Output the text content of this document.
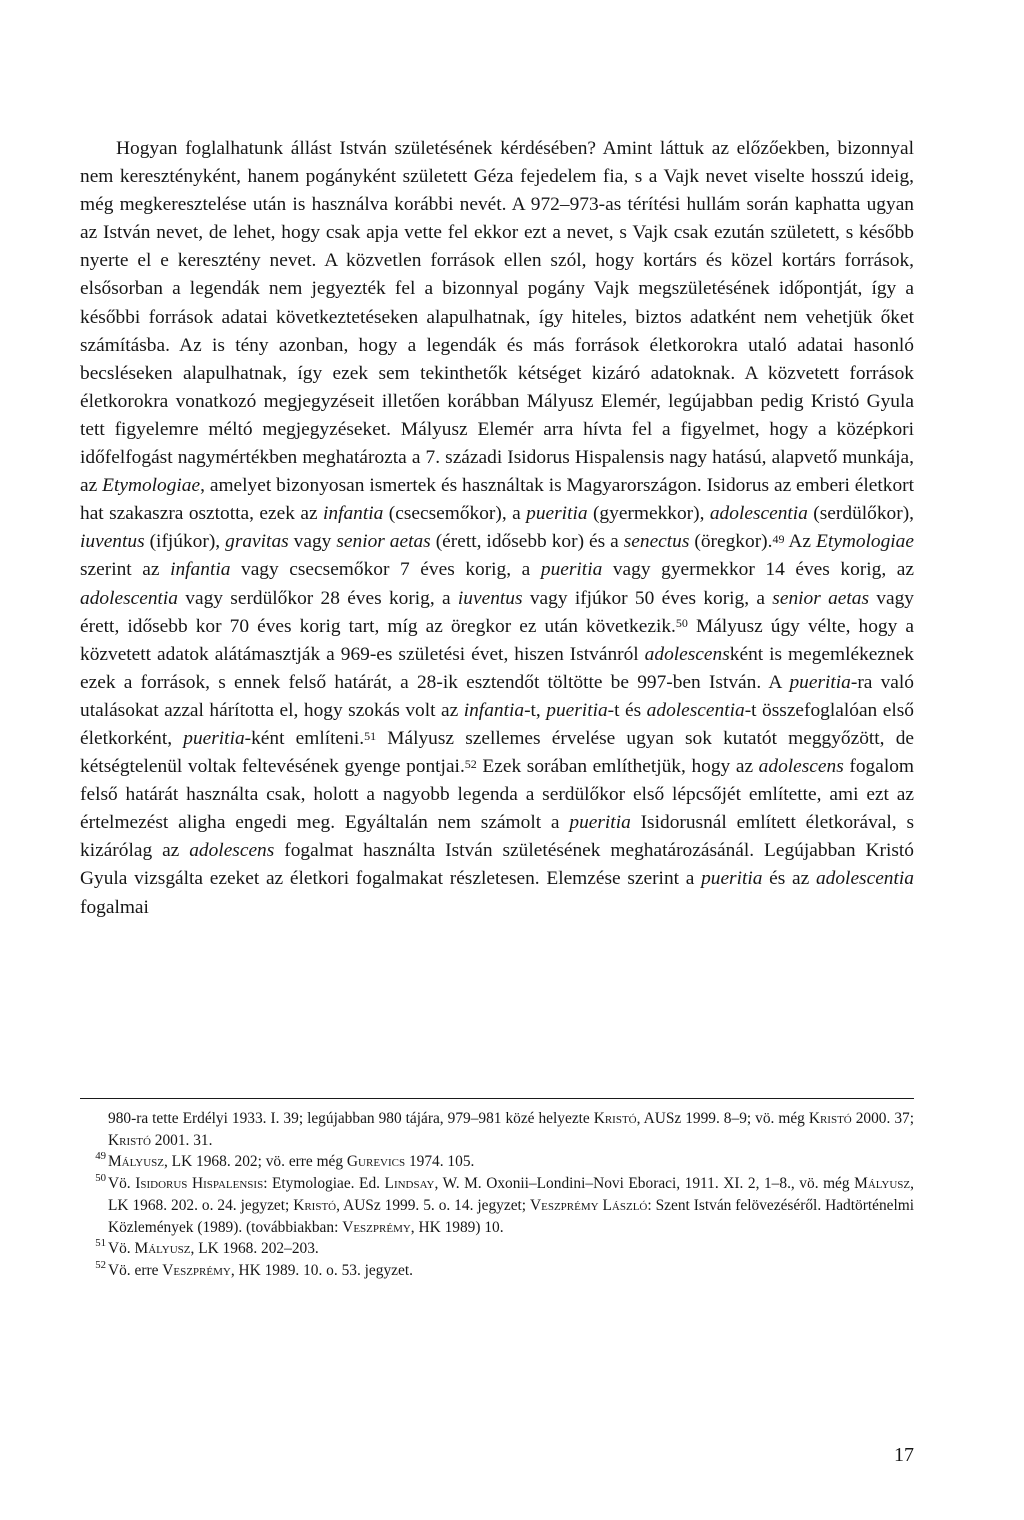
Hogyan foglalhatunk állást István születésének kérdésében? Amint láttuk az előzőekben, bizonnyal nem keresztényként, hanem pogányként született Géza fejedelem fia, s a Vajk nevet viselte hosszú ideig, még megkeresztelése után is használva korábbi nevét. A 972–973-as térítési hullám során kaphatta ugyan az István nevet, de lehet, hogy csak apja vette fel ekkor ezt a nevet, s Vajk csak ezután született, s később nyerte el e keresztény nevet. A közvetlen források ellen szól, hogy kortárs és közel kortárs források, elsősorban a legendák nem jegyezték fel a bizonnyal pogány Vajk megszületésének időpontját, így a későbbi források adatai következtetéseken alapulhatnak, így hiteles, biztos adatként nem vehetjük őket számításba. Az is tény azonban, hogy a legendák és más források életkorokra utaló adatai hasonló becsléseken alapulhatnak, így ezek sem tekinthetők kétséget kizáró adatoknak. A közvetett források életkorokra vonatkozó megjegyzéseit illetően korábban Mályusz Elemér, legújabban pedig Kristó Gyula tett figyelemre méltó megjegyzéseket. Mályusz Elemér arra hívta fel a figyelmet, hogy a középkori időfelfogást nagymértékben meghatározta a 7. századi Isidorus Hispalensis nagy hatású, alapvető munkája, az Etymologiae, amelyet bizonyosan ismertek és használtak is Magyarországon. Isidorus az emberi életkort hat szakaszra osztotta, ezek az infantia (csecsemőkor), a pueritia (gyermekkor), adolescentia (serdülőkor), iuventus (ifjúkor), gravitas vagy senior aetas (érett, idősebb kor) és a senectus (öregkor).$^{49}$ Az Etymologiae szerint az infantia vagy csecsemőkor 7 éves korig, a pueritia vagy gyermekkor 14 éves korig, az adolescentia vagy serdülőkor 28 éves korig, a iuventus vagy ifjúkor 50 éves korig, a senior aetas vagy érett, idősebb kor 70 éves korig tart, míg az öregkor ez után következik.$^{50}$ Mályusz úgy vélte, hogy a közvetett adatok alátámasztják a 969-es születési évet, hiszen Istvánról adolescensként is megemlékeznek ezek a források, s ennek felső határát, a 28-ik esztendőt töltötte be 997-ben István. A pueritia-ra való utalásokat azzal hárította el, hogy szokás volt az infantia-t, pueritia-t és adolescentia-t összefoglalóan első életkorként, pueritia-ként említeni.$^{51}$ Mályusz szellemes érvelése ugyan sok kutatót meggyőzött, de kétségtelenül voltak feltevésének gyenge pontjai.$^{52}$ Ezek sorában említhetjük, hogy az adolescens fogalom felső határát használta csak, holott a nagyobb legenda a serdülőkor első lépcsőjét említette, ami ezt az értelmezést aligha engedi meg. Egyáltalán nem számolt a pueritia Isidorusnál említett életkorával, s kizárólag az adolescens fogalmat használta István születésének meghatározásánál. Legújabban Kristó Gyula vizsgálta ezeket az életkori fogalmakat részletesen. Elemzése szerint a pueritia és az adolescentia fogalmai

980-ra tette Erdélyi 1933. I. 39; legújabban 980 tájára, 979–981 közé helyezte Kristó, AUSz 1999. 8–9; vö. még Kristó 2000. 37; Kristó 2001. 31.

49 Mályusz, LK 1968. 202; vö. erre még Gurevics 1974. 105.

50 Vö. Isidorus Hispalensis: Etymologiae. Ed. Lindsay, W. M. Oxonii–Londini–Novi Eboraci, 1911. XI. 2, 1–8., vö. még Mályusz, LK 1968. 202. o. 24. jegyzet; Kristó, AUSz 1999. 5. o. 14. jegyzet; Veszprémy László: Szent István felövezéséről. Hadtörténelmi Közlemények (1989). (továbbiakban: Veszprémy, HK 1989) 10.

51 Vö. Mályusz, LK 1968. 202–203.

52 Vö. erre Veszprémy, HK 1989. 10. o. 53. jegyzet.

17
